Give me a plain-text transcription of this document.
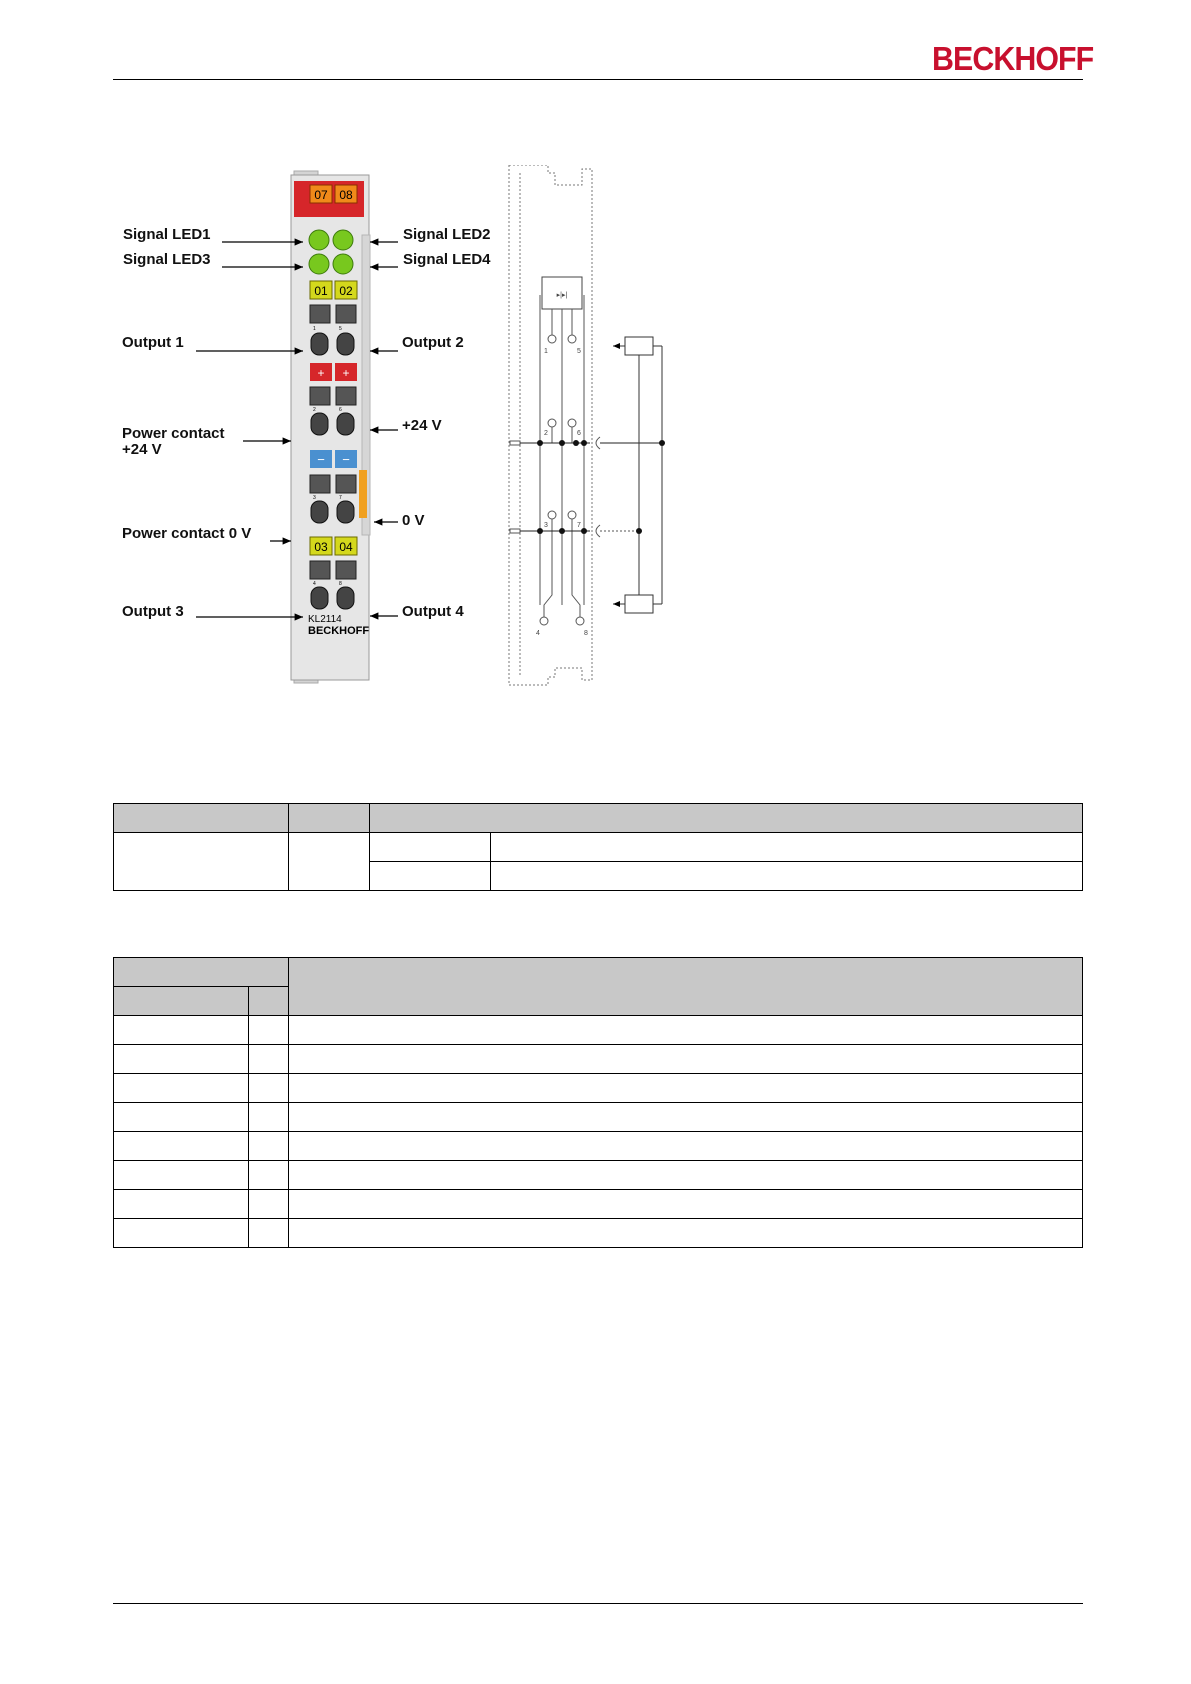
BECKHOFF
07 08
01 02
+ +
− −
03 04
1	5
2	6
3	7
4	8
KL2114
BECKHOFF
Signal LED1
Signal LED3
Output 1
Power contact
+24 V
Power contact 0 V
Output 3
Signal LED2
Signal LED4
Output 2
+24 V
0 V
Output 4
▸|▸|
1	5
2	6
3	7
4	8
